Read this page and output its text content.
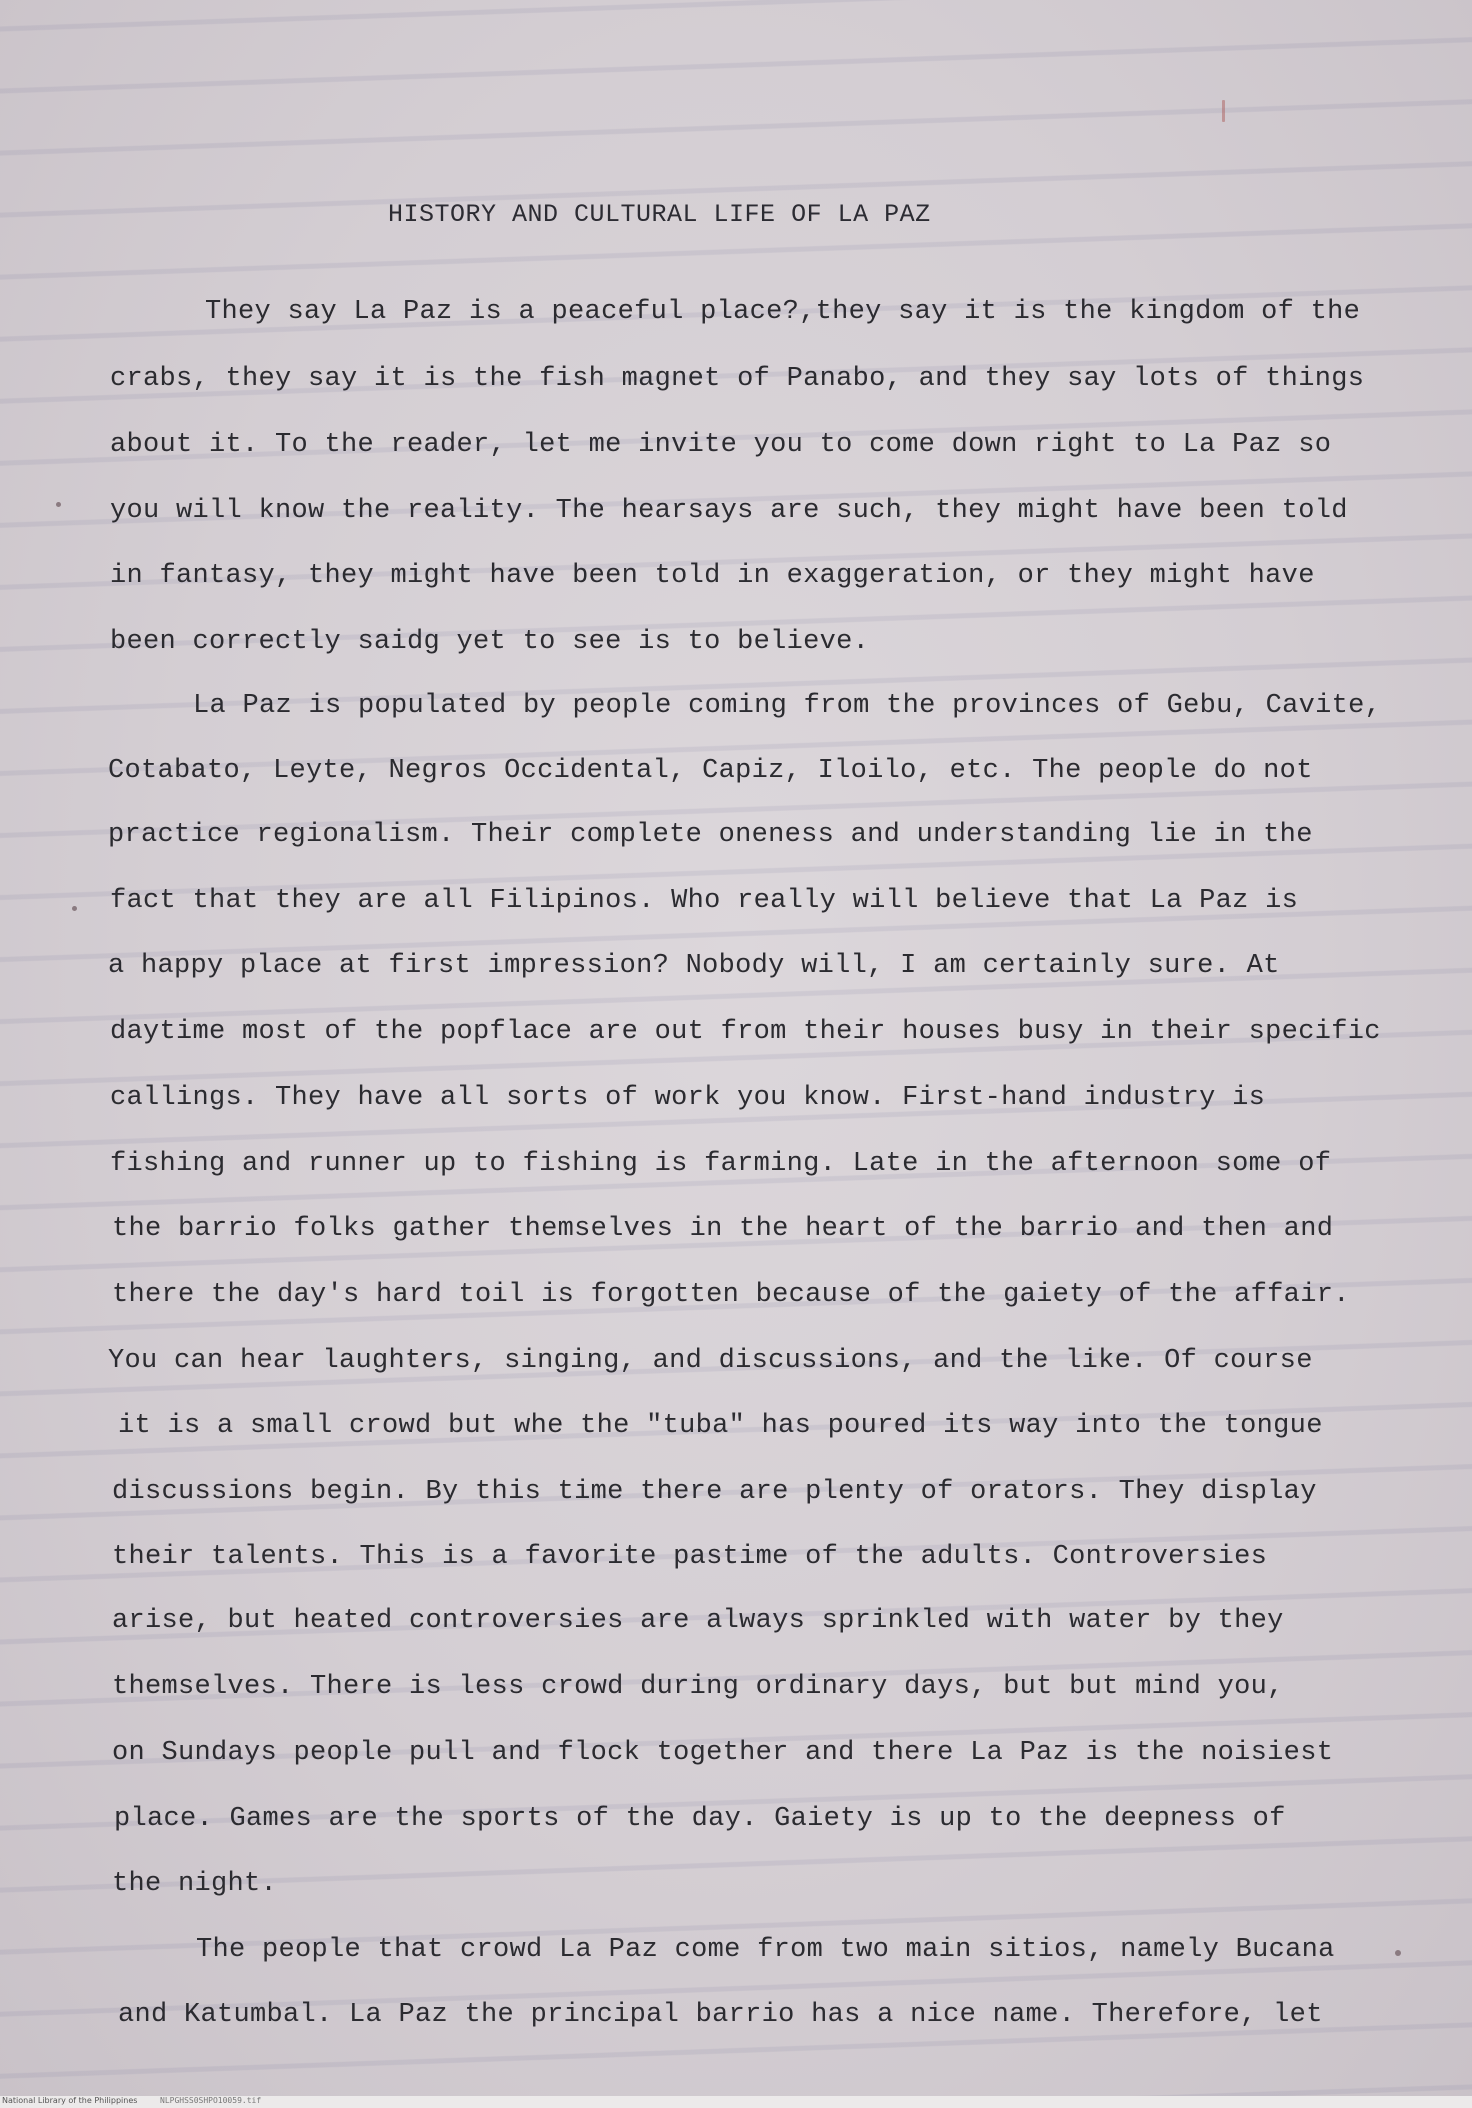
HISTORY AND CULTURAL LIFE OF LA PAZ
They say La Paz is a peaceful place?,they say it is the kingdom of the
crabs, they say it is the fish magnet of Panabo, and they say lots of things
about it. To the reader, let me invite you to come down right to La Paz so
you will know the reality. The hearsays are such, they might have been told
in fantasy, they might have been told in exaggeration, or they might have
been correctly saidg yet to see is to believe.
La Paz is populated by people coming from the provinces of Gebu, Cavite,
Cotabato, Leyte, Negros Occidental, Capiz, Iloilo, etc. The people do not
practice regionalism. Their complete oneness and understanding lie in the
fact that they are all Filipinos. Who really will believe that La Paz is
a happy place at first impression? Nobody will, I am certainly sure. At
daytime most of the popflace are out from their houses busy in their specific
callings. They have all sorts of work you know. First-hand industry is
fishing and runner up to fishing is farming. Late in the afternoon some of
the barrio folks gather themselves in the heart of the barrio and then and
there the day's hard toil is forgotten because of the gaiety of the affair.
You can hear laughters, singing, and discussions, and the like. Of course
it is a small crowd but whe the "tuba" has poured its way into the tongue
discussions begin. By this time there are plenty of orators. They display
their talents. This is a favorite pastime of the adults. Controversies
arise, but heated controversies are always sprinkled with water by they
themselves. There is less crowd during ordinary days, but but mind you,
on Sundays people pull and flock together and there La Paz is the noisiest
place. Games are the sports of the day. Gaiety is up to the deepness of
the night.
The people that crowd La Paz come from two main sitios, namely Bucana
and Katumbal. La Paz the principal barrio has a nice name. Therefore, let
National Library of the Philippines	NLPGHSS0SHPO10059.tif
